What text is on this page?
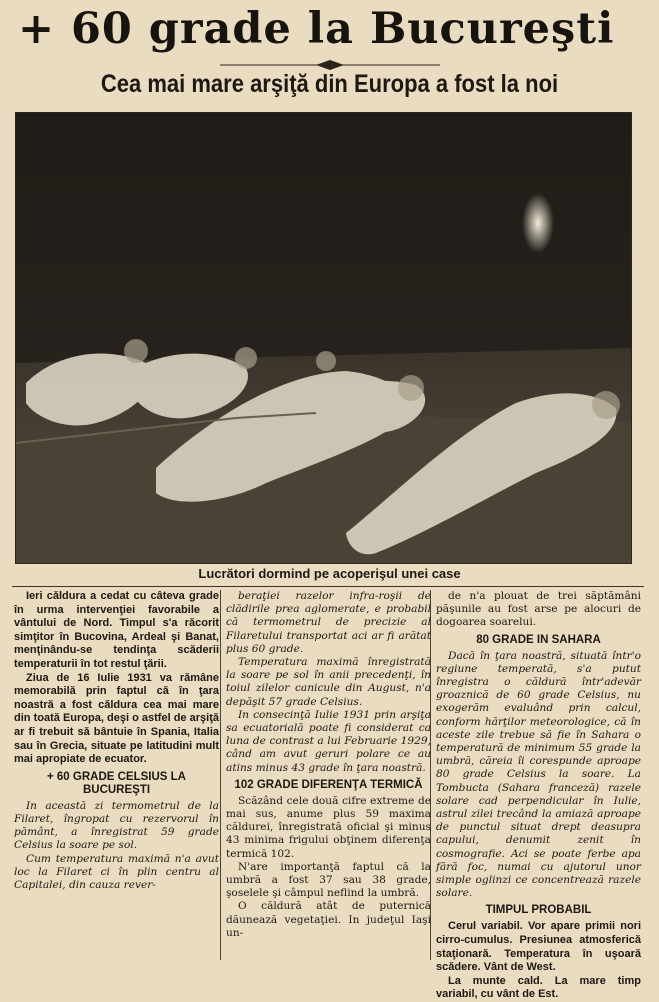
+ 60 grade la Bucureşti
Cea mai mare arşiţă din Europa a fost la noi
Lucrători dormind pe acoperişul unei case

Ieri căldura a cedat cu câteva grade în urma intervenţiei favorabile a vântului de Nord. Timpul s'a răcorit simţitor în Bucovina, Ardeal şi Banat, menţinându-se tendinţa scăderii temperaturii în tot restul ţării.

Ziua de 16 Iulie 1931 va rămâne memorabilă prin faptul că în ţara noastră a fost căldura cea mai mare din toată Europa, deşi o astfel de arşiţă ar fi trebuit să bântuie în Spania, Italia sau în Grecia, situate pe latitudini mult mai apropiate de ecuator.

+ 60 GRADE CELSIUS LA BUCUREŞTI

In această zi termometrul de la Filaret, îngropat cu rezervorul în pământ, a înregistrat 59 grade Celsius la soare pe sol.

Cum temperatura maximă n'a avut loc la Filaret ci în plin centru al Capitalei, din cauza rever-

beraţiei razelor infra-roşii de clădirile prea aglomerate, e probabil că termometrul de precizie al Filaretului transportat aci ar fi arătat plus 60 grade.

Temperatura maximă înregistrată la soare pe sol în anii precedenţi, în toiul zilelor canicule din August, n'a depăşit 57 grade Celsius.

In consecinţă Iulie 1931 prin arşiţa sa ecuatorială poate fi considerat ca luna de contrast a lui Februarie 1929, când am avut geruri polare ce au atins minus 43 grade în ţara noastră.

102 GRADE DIFERENŢA TERMICĂ

Scăzând cele două cifre extreme de mai sus, anume plus 59 maxima căldurei, înregistrată oficial şi minus 43 minima frigului obţinem diferenţa termică 102.

N'are importanţă faptul că la umbră a fost 37 sau 38 grade, şoselele şi câmpul neflind la umbră.

O căldură atât de puternică dăunează vegetaţiei. In judeţul Iaşi un-

de n'a plouat de trei săptămâni păşunile au fost arse pe alocuri de dogoarea soarelui.

80 GRADE IN SAHARA

Dacă în ţara noastră, situată într'o regiune temperată, s'a putut înregistra o căldură într'adevăr groaznică de 60 grade Celsius, nu exogerăm evaluând prin calcul, conform hărţilor meteorologice, că în aceste zile trebue să fie în Sahara o temperatură de minimum 55 grade la umbră, căreia îi corespunde aproape 80 grade Celsius la soare. La Tombucta (Sahara franceză) razele solare cad perpendicular în Iulie, astrul zilei trecând la amiază aproape de punctul situat drept deasupra capului, denumit zenit în cosmografie. Aci se poate ferbe apa fără foc, numai cu ajutorul unor simple oglinzi ce concentrează razele solare.

TIMPUL PROBABIL

Cerul variabil. Vor apare primii nori cirro-cumulus. Presiunea atmosferică staţionară. Temperatura în uşoară scădere. Vânt de West.

La munte cald. La mare timp variabil, cu vânt de Est.
